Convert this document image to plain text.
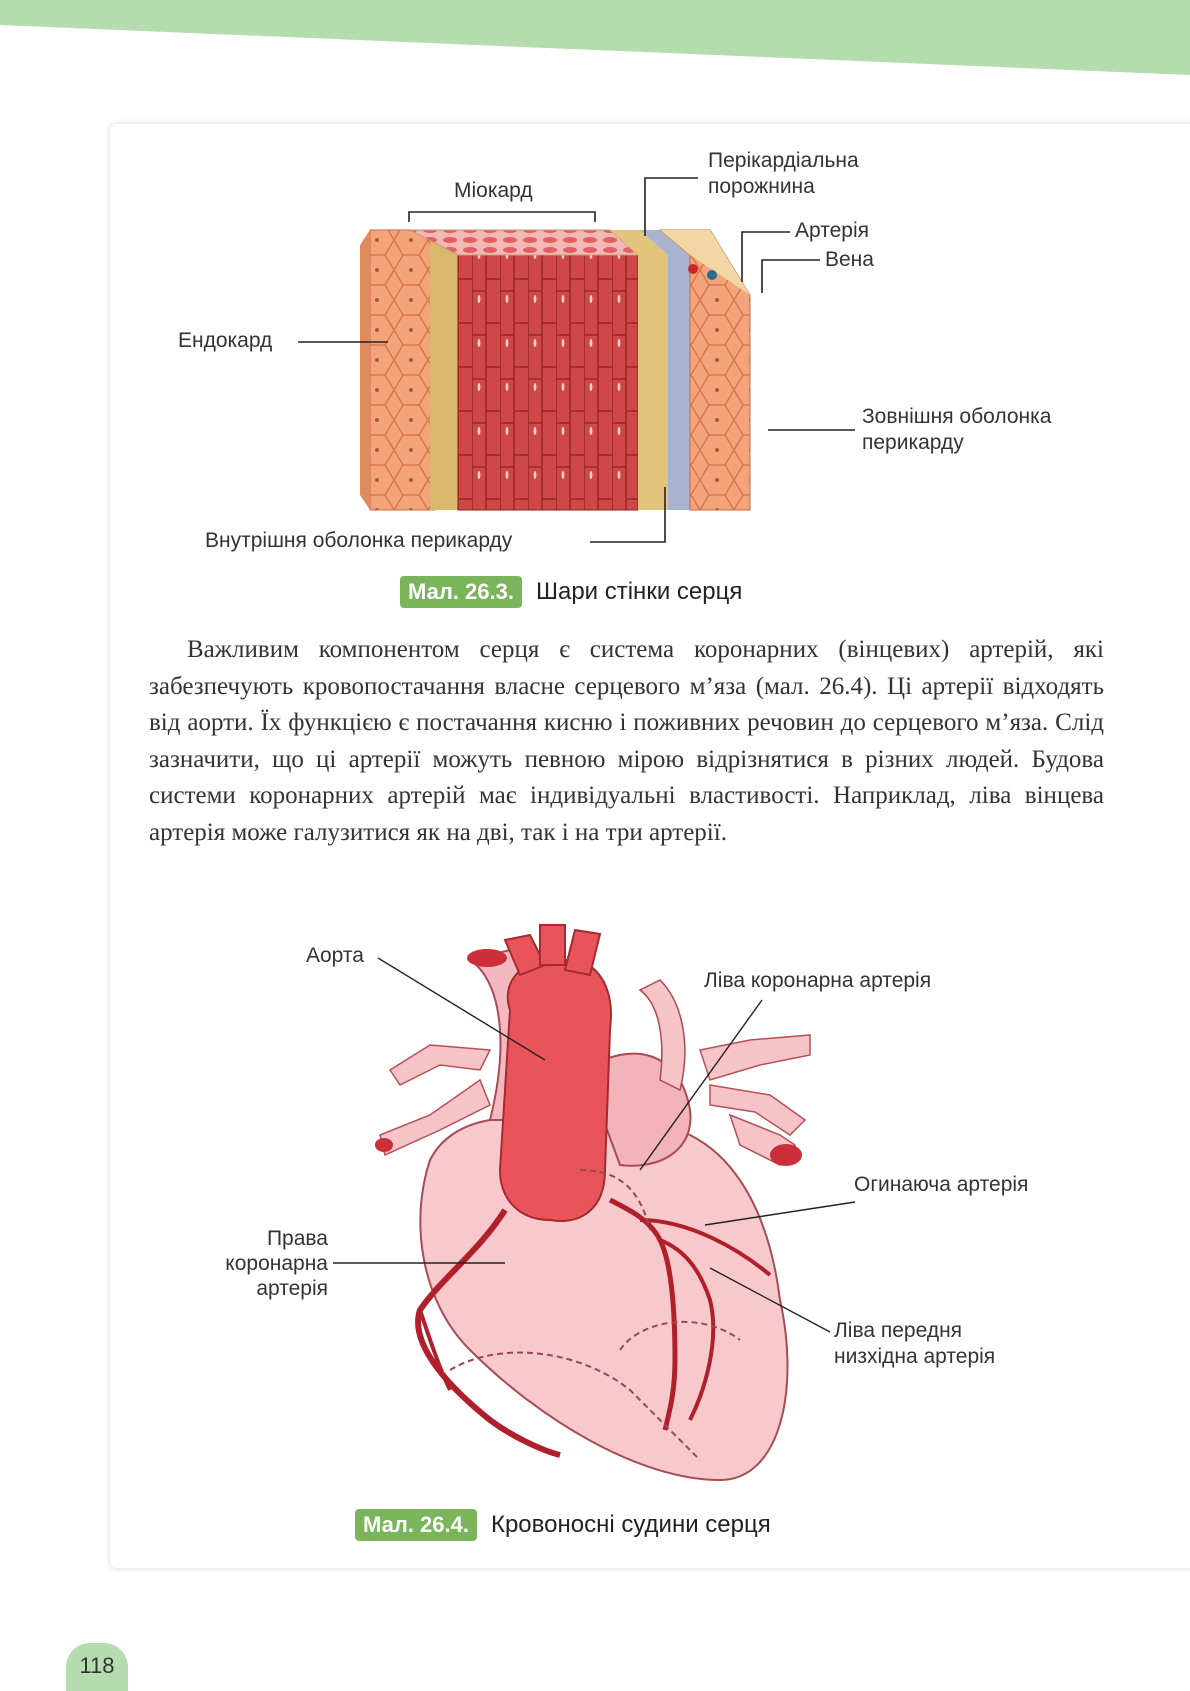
Міокард
Перікардіальна
порожнина
Артерія
Вена
Ендокард
Зовнішня оболонка
перикарду
Внутрішня оболонка перикарду
Мал. 26.3. Шари стінки серця

Важливим компонентом серця є система коронарних (вінцевих) артерій, які забезпечують кровопостачання власне серцевого м’яза (мал. 26.4). Ці артерії відходять від аорти. Їх функцією є постачання кисню і поживних речовин до серцевого м’яза. Слід зазначити, що ці артерії можуть певною мірою відрізнятися в різних людей. Будова системи коронарних артерій має індивідуальні властивості. Наприклад, ліва вінцева артерія може галузитися як на дві, так і на три артерії.

Аорта
Ліва коронарна артерія
Огинаюча артерія
Права
коронарна
артерія
Ліва передня
низхідна артерія
Мал. 26.4. Кровоносні судини серця
118
